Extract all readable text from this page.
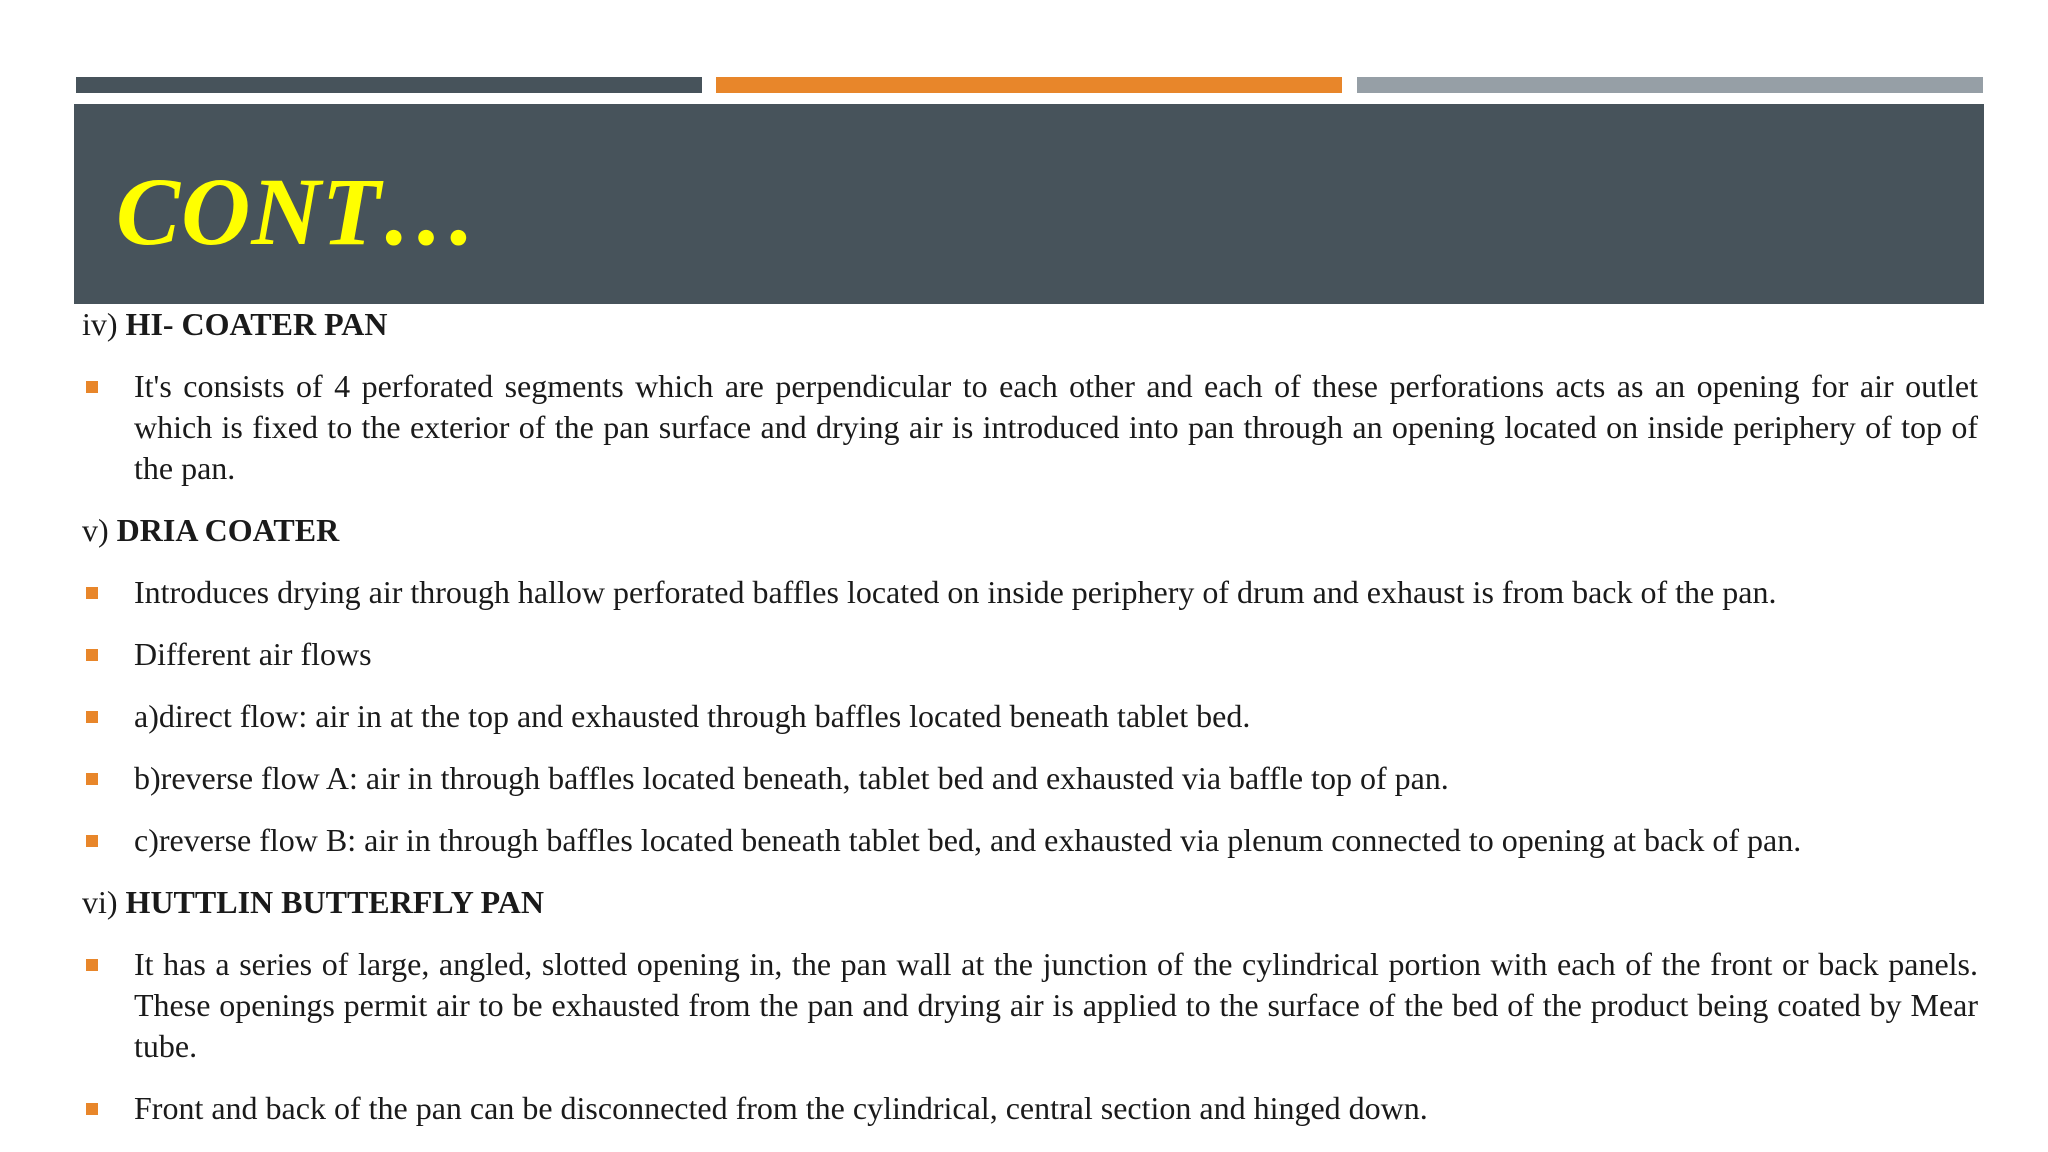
CONT…

iv) HI- COATER PAN

It's consists of 4 perforated segments which are perpendicular to each other and each of these perforations acts as an opening for air outlet which is fixed to the exterior of the pan surface and drying air is introduced into pan through an opening located on inside periphery of top of the pan.

v) DRIA COATER

Introduces drying air through hallow perforated baffles located on inside periphery of drum and exhaust is from back of the pan.
Different air flows
a)direct flow: air in at the top and exhausted through baffles located beneath tablet bed.
b)reverse flow A: air in through baffles located beneath, tablet bed and exhausted via baffle top of pan.
c)reverse flow B: air in through baffles located beneath tablet bed, and exhausted via plenum connected to opening at back of pan.

vi) HUTTLIN BUTTERFLY PAN

It has a series of large, angled, slotted opening in, the pan wall at the junction of the cylindrical portion with each of the front or back panels. These openings permit air to be exhausted from the pan and drying air is applied to the surface of the bed of the product being coated by Mear tube.
Front and back of the pan can be disconnected from the cylindrical, central section and hinged down.
